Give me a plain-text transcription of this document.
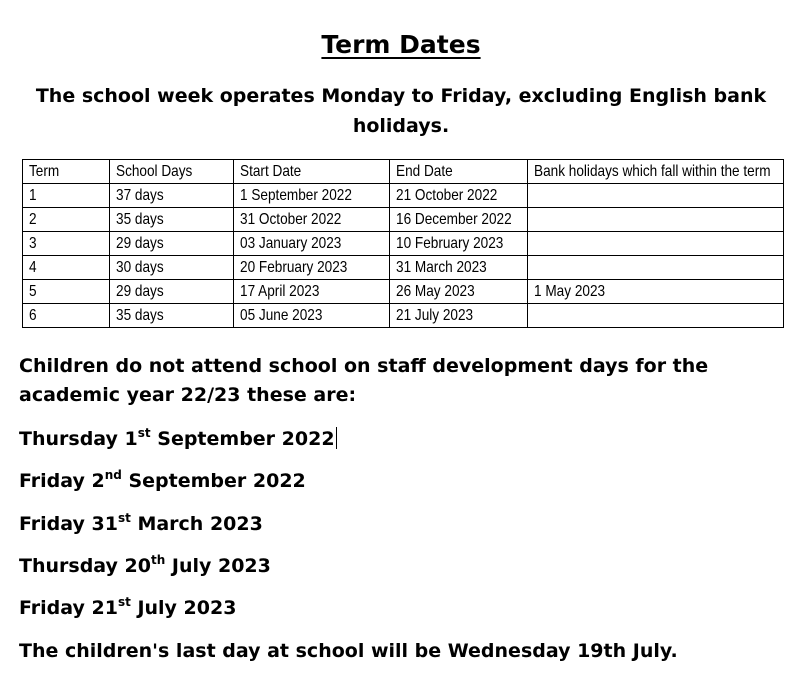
Term Dates
The school week operates Monday to Friday, excluding English bank holidays.
Term	School Days	Start Date	End Date	Bank holidays which fall within the term
1	37 days	1 September 2022	21 October 2022	
2	35 days	31 October 2022	16 December 2022	
3	29 days	03 January 2023	10 February 2023	
4	30 days	20 February 2023	31 March 2023	
5	29 days	17 April 2023	26 May 2023	1 May 2023
6	35 days	05 June 2023	21 July 2023	
Children do not attend school on staff development days for the academic year 22/23 these are:
Thursday 1st September 2022
Friday 2nd September 2022
Friday 31st March 2023
Thursday 20th July 2023
Friday 21st July 2023
The children's last day at school will be Wednesday 19th July.
